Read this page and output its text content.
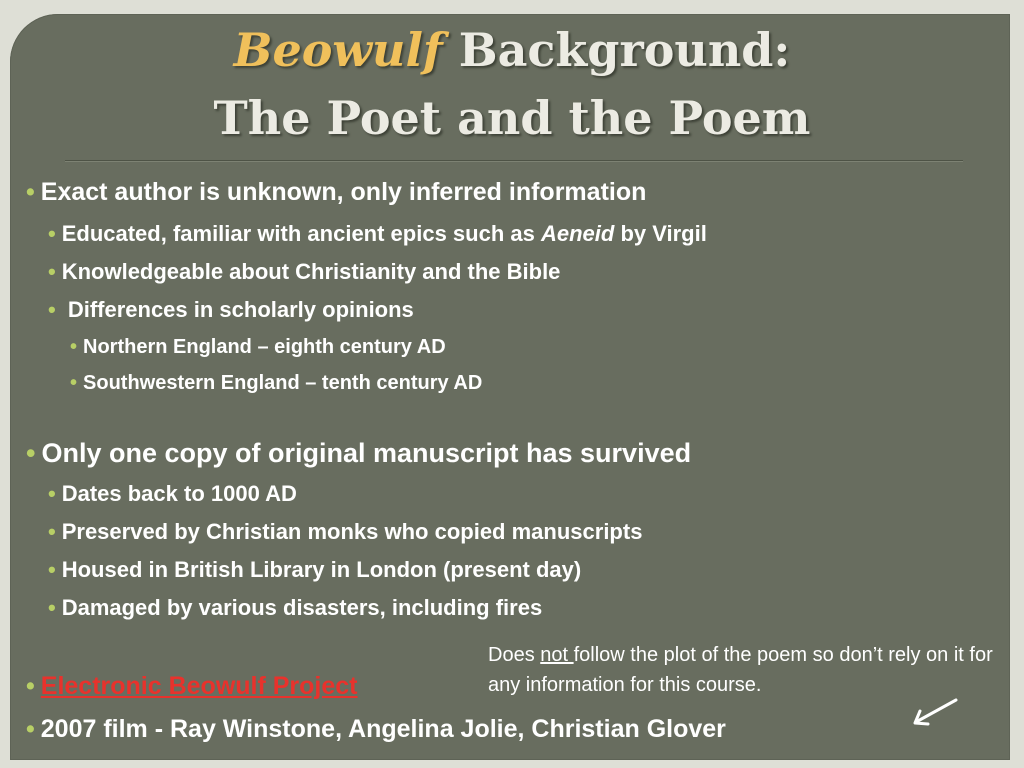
Beowulf Background:
The Poet and the Poem
• Exact author is unknown, only inferred information
• Educated, familiar with ancient epics such as Aeneid by Virgil
• Knowledgeable about Christianity and the Bible
• Differences in scholarly opinions
• Northern England – eighth century AD
• Southwestern England – tenth century AD
• Only one copy of original manuscript has survived
• Dates back to 1000 AD
• Preserved by Christian monks who copied manuscripts
• Housed in British Library in London (present day)
• Damaged by various disasters, including fires
• Electronic Beowulf Project
• 2007 film - Ray Winstone, Angelina Jolie, Christian Glover
Does not follow the plot of the poem so don’t rely on it for any information for this course.
